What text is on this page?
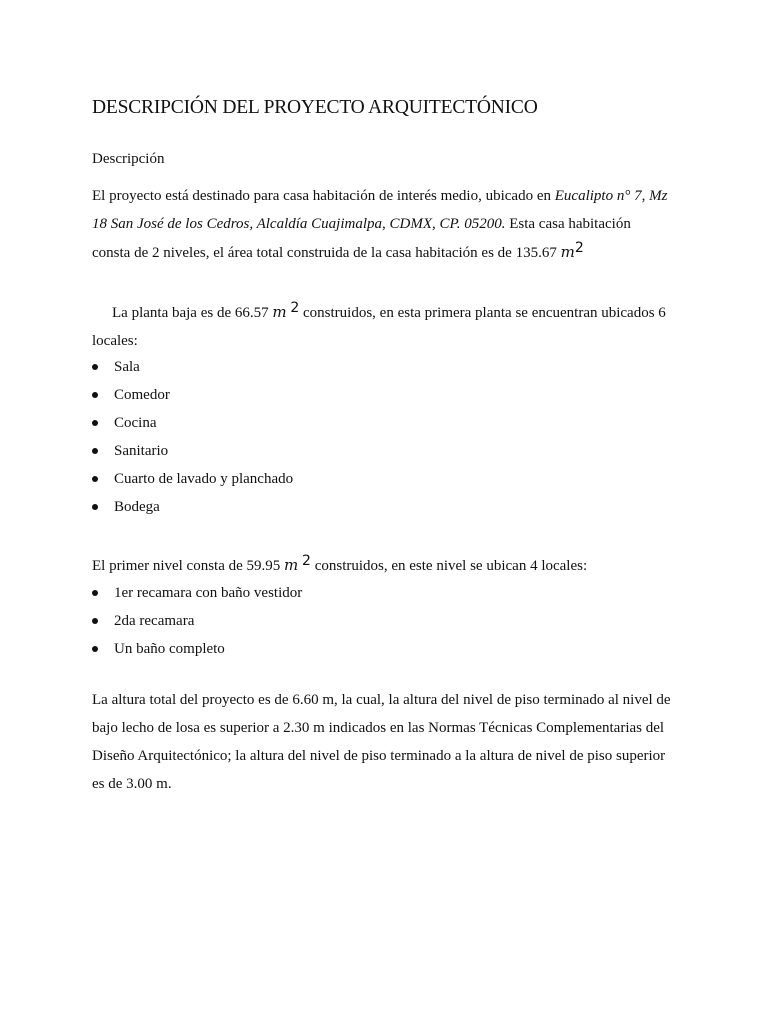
DESCRIPCIÓN DEL PROYECTO ARQUITECTÓNICO

Descripción

El proyecto está destinado para casa habitación de interés medio, ubicado en Eucalipto n° 7, Mz
18 San José de los Cedros, Alcaldía Cuajimalpa, CDMX, CP. 05200. Esta casa habitación
consta de 2 niveles, el área total construida de la casa habitación es de 135.67 m2

La planta baja es de 66.57 m 2 construidos, en esta primera planta se encuentran ubicados 6
locales:

Sala
Comedor
Cocina
Sanitario
Cuarto de lavado y planchado
Bodega

El primer nivel consta de 59.95 m 2 construidos, en este nivel se ubican 4 locales:

1er recamara con baño vestidor
2da recamara
Un baño completo

La altura total del proyecto es de 6.60 m, la cual, la altura del nivel de piso terminado al nivel de
bajo lecho de losa es superior a 2.30 m indicados en las Normas Técnicas Complementarias del
Diseño Arquitectónico; la altura del nivel de piso terminado a la altura de nivel de piso superior
es de 3.00 m.
